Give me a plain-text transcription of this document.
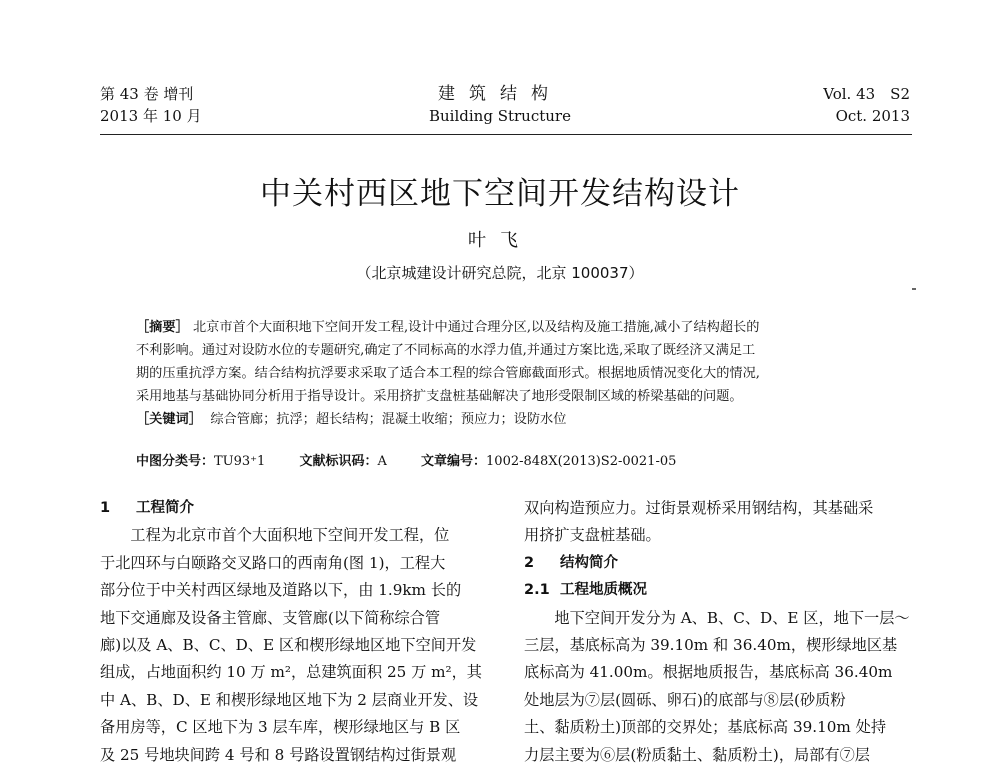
第 43 卷 增刊
2013 年 10 月
建筑结构
Building Structure
Vol. 43　S2
Oct. 2013
中关村西区地下空间开发结构设计
叶飞
（北京城建设计研究总院，北京 100037）
［摘要］ 北京市首个大面积地下空间开发工程,设计中通过合理分区,以及结构及施工措施,减小了结构超长的
不利影响。通过对设防水位的专题研究,确定了不同标高的水浮力值,并通过方案比选,采取了既经济又满足工
期的压重抗浮方案。结合结构抗浮要求采取了适合本工程的综合管廊截面形式。根据地质情况变化大的情况,
采用地基与基础协同分析用于指导设计。采用挤扩支盘桩基础解决了地形受限制区域的桥梁基础的问题。
［关键词］ 综合管廊；抗浮；超长结构；混凝土收缩；预应力；设防水位
中图分类号：TU93⁺1	文献标识码：A	文章编号：1002-848X(2013)S2-0021-05
1 工程简介
　　工程为北京市首个大面积地下空间开发工程，位
于北四环与白颐路交叉路口的西南角(图 1)，工程大
部分位于中关村西区绿地及道路以下，由 1.9km 长的
地下交通廊及设备主管廊、支管廊(以下简称综合管
廊)以及 A、B、C、D、E 区和楔形绿地区地下空间开发
组成，占地面积约 10 万 m²，总建筑面积 25 万 m²，其
中 A、B、D、E 和楔形绿地区地下为 2 层商业开发、设
备用房等，C 区地下为 3 层车库，楔形绿地区与 B 区
及 25 号地块间跨 4 号和 8 号路设置钢结构过街景观
双向构造预应力。过街景观桥采用钢结构，其基础采
用挤扩支盘桩基础。
2 结构简介
2.1 工程地质概况
　　地下空间开发分为 A、B、C、D、E 区，地下一层～
三层，基底标高为 39.10m 和 36.40m，楔形绿地区基
底标高为 41.00m。根据地质报告，基底标高 36.40m
处地层为⑦层(圆砾、卵石)的底部与⑧层(砂质粉
土、黏质粉土)顶部的交界处；基底标高 39.10m 处持
力层主要为⑥层(粉质黏土、黏质粉土)，局部有⑦层
